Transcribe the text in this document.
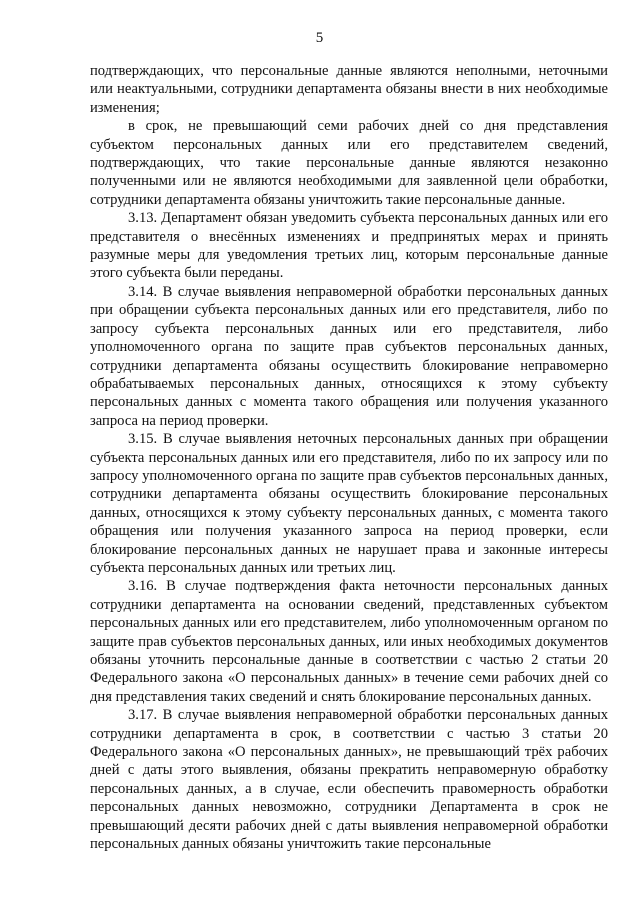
5

подтверждающих, что персональные данные являются неполными, неточными или неактуальными, сотрудники департамента обязаны внести в них необходимые изменения;

в срок, не превышающий семи рабочих дней со дня представления субъектом персональных данных или его представителем сведений, подтверждающих, что такие персональные данные являются незаконно полученными или не являются необходимыми для заявленной цели обработки, сотрудники департамента обязаны уничтожить такие персональные данные.

3.13. Департамент обязан уведомить субъекта персональных данных или его представителя о внесённых изменениях и предпринятых мерах и принять разумные меры для уведомления третьих лиц, которым персональные данные этого субъекта были переданы.

3.14. В случае выявления неправомерной обработки персональных данных при обращении субъекта персональных данных или его представителя, либо по запросу субъекта персональных данных или его представителя, либо уполномоченного органа по защите прав субъектов персональных данных, сотрудники департамента обязаны осуществить блокирование неправомерно обрабатываемых персональных данных, относящихся к этому субъекту персональных данных с момента такого обращения или получения указанного запроса на период проверки.

3.15. В случае выявления неточных персональных данных при обращении субъекта персональных данных или его представителя, либо по их запросу или по запросу уполномоченного органа по защите прав субъектов персональных данных, сотрудники департамента обязаны осуществить блокирование персональных данных, относящихся к этому субъекту персональных данных, с момента такого обращения или получения указанного запроса на период проверки, если блокирование персональных данных не нарушает права и законные интересы субъекта персональных данных или третьих лиц.

3.16. В случае подтверждения факта неточности персональных данных сотрудники департамента на основании сведений, представленных субъектом персональных данных или его представителем, либо уполномоченным органом по защите прав субъектов персональных данных, или иных необходимых документов обязаны уточнить персональные данные в соответствии с частью 2 статьи 20 Федерального закона «О персональных данных» в течение семи рабочих дней со дня представления таких сведений и снять блокирование персональных данных.

3.17. В случае выявления неправомерной обработки персональных данных сотрудники департамента в срок, в соответствии с частью 3 статьи 20 Федерального закона «О персональных данных», не превышающий трёх рабочих дней с даты этого выявления, обязаны прекратить неправомерную обработку персональных данных, а в случае, если обеспечить правомерность обработки персональных данных невозможно, сотрудники Департамента в срок не превышающий десяти рабочих дней с даты выявления неправомерной обработки персональных данных обязаны уничтожить такие персональные
